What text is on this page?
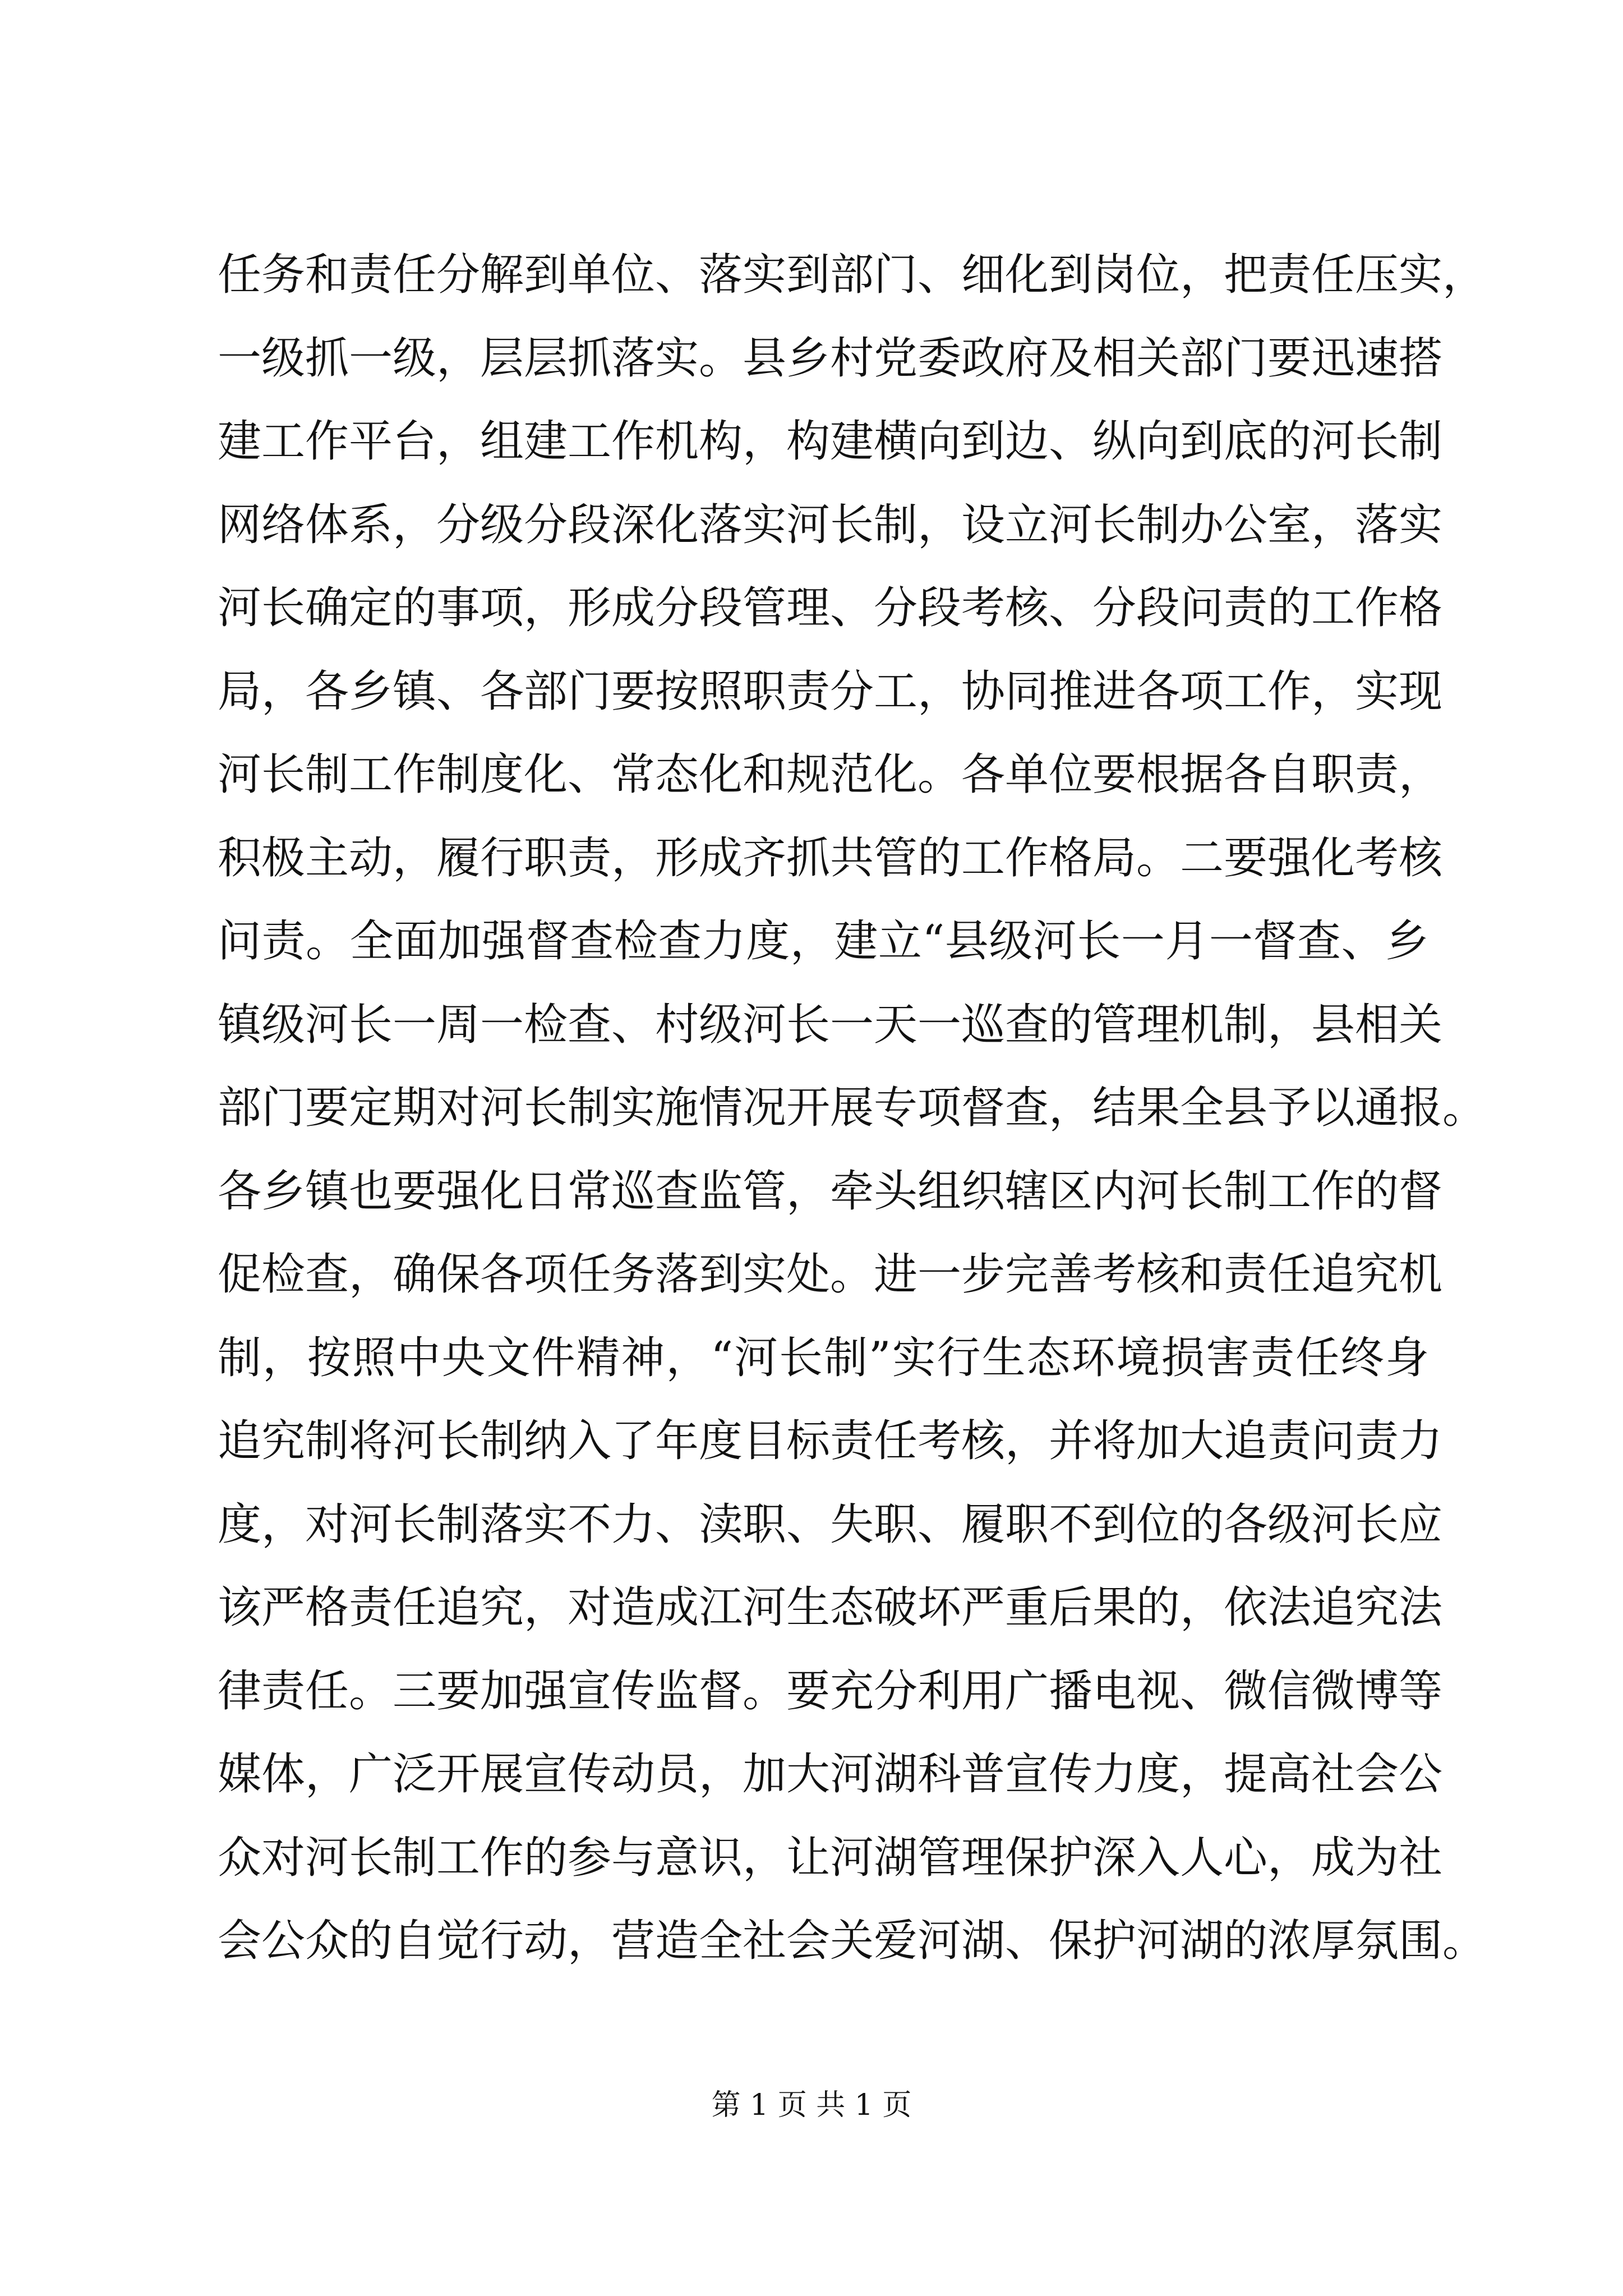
任务和责任分解到单位、落实到部门、细化到岗位，把责任压实，
一级抓一级，层层抓落实。县乡村党委政府及相关部门要迅速搭
建工作平台，组建工作机构，构建横向到边、纵向到底的河长制
网络体系，分级分段深化落实河长制，设立河长制办公室，落实
河长确定的事项，形成分段管理、分段考核、分段问责的工作格
局，各乡镇、各部门要按照职责分工，协同推进各项工作，实现
河长制工作制度化、常态化和规范化。各单位要根据各自职责，
积极主动，履行职责，形成齐抓共管的工作格局。二要强化考核
问责。全面加强督查检查力度，建立“县级河长一月一督查、乡
镇级河长一周一检查、村级河长一天一巡查的管理机制，县相关
部门要定期对河长制实施情况开展专项督查，结果全县予以通报。
各乡镇也要强化日常巡查监管，牵头组织辖区内河长制工作的督
促检查，确保各项任务落到实处。进一步完善考核和责任追究机
制，按照中央文件精神，“河长制”实行生态环境损害责任终身
追究制将河长制纳入了年度目标责任考核，并将加大追责问责力
度，对河长制落实不力、渎职、失职、履职不到位的各级河长应
该严格责任追究，对造成江河生态破坏严重后果的，依法追究法
律责任。三要加强宣传监督。要充分利用广播电视、微信微博等
媒体，广泛开展宣传动员，加大河湖科普宣传力度，提高社会公
众对河长制工作的参与意识，让河湖管理保护深入人心，成为社
会公众的自觉行动，营造全社会关爱河湖、保护河湖的浓厚氛围。
第 1 页 共 1 页
